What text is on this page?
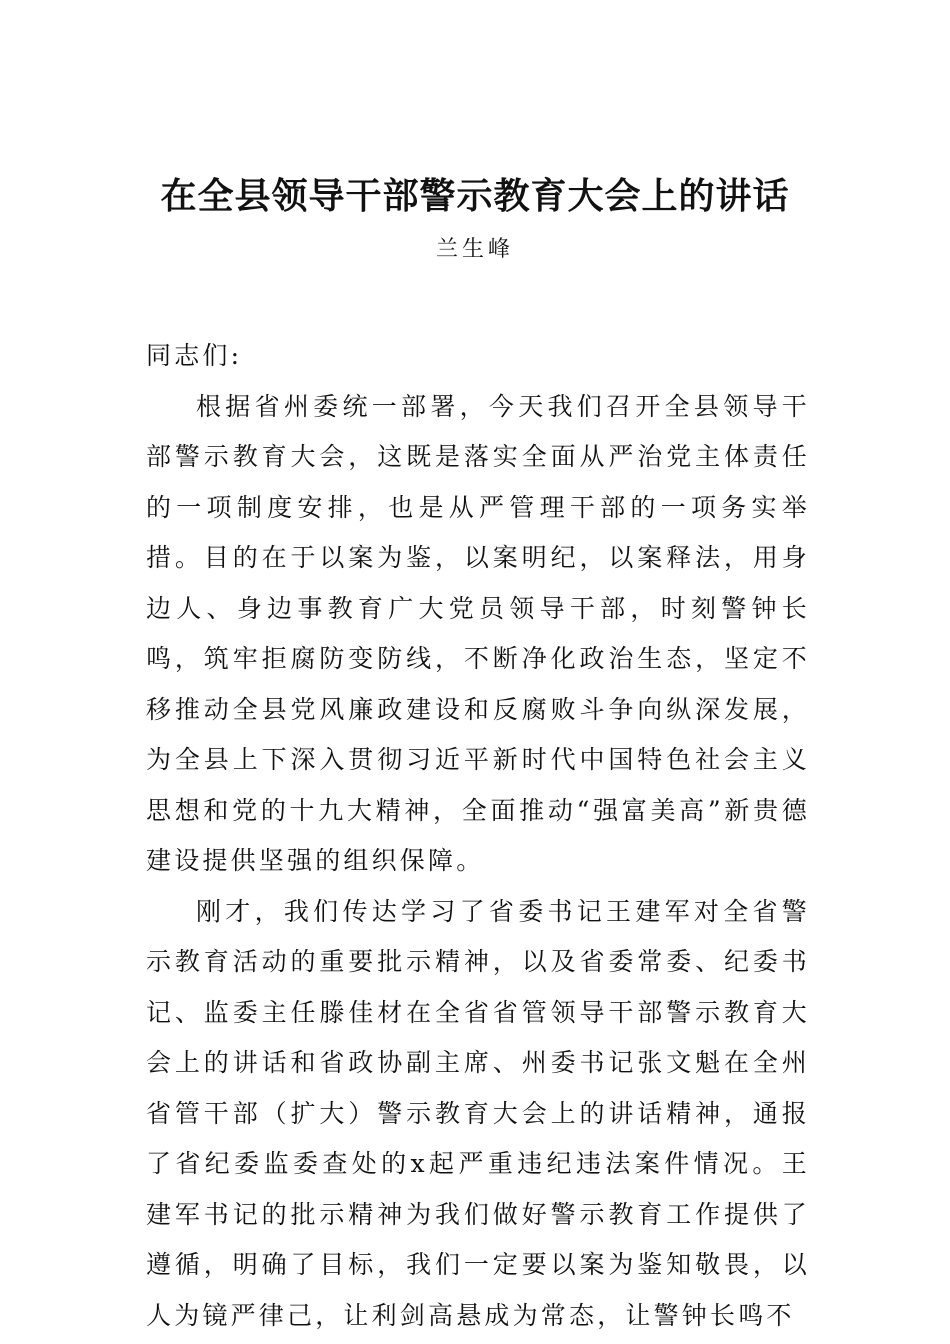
在全县领导干部警示教育大会上的讲话
兰生峰

同志们:

根据省州委统一部署，今天我们召开全县领导干部警示教育大会，这既是落实全面从严治党主体责任的一项制度安排，也是从严管理干部的一项务实举措。目的在于以案为鉴，以案明纪，以案释法，用身边人、身边事教育广大党员领导干部，时刻警钟长鸣，筑牢拒腐防变防线，不断净化政治生态，坚定不移推动全县党风廉政建设和反腐败斗争向纵深发展，为全县上下深入贯彻习近平新时代中国特色社会主义思想和党的十九大精神，全面推动“强富美高”新贵德建设提供坚强的组织保障。

刚才，我们传达学习了省委书记王建军对全省警示教育活动的重要批示精神，以及省委常委、纪委书记、监委主任滕佳材在全省省管领导干部警示教育大会上的讲话和省政协副主席、州委书记张文魁在全州省管干部（扩大）警示教育大会上的讲话精神，通报了省纪委监委查处的x起严重违纪违法案件情况。王建军书记的批示精神为我们做好警示教育工作提供了遵循，明确了目标，我们一定要以案为鉴知敬畏，以人为镜严律己，让利剑高悬成为常态，让警钟长鸣不
